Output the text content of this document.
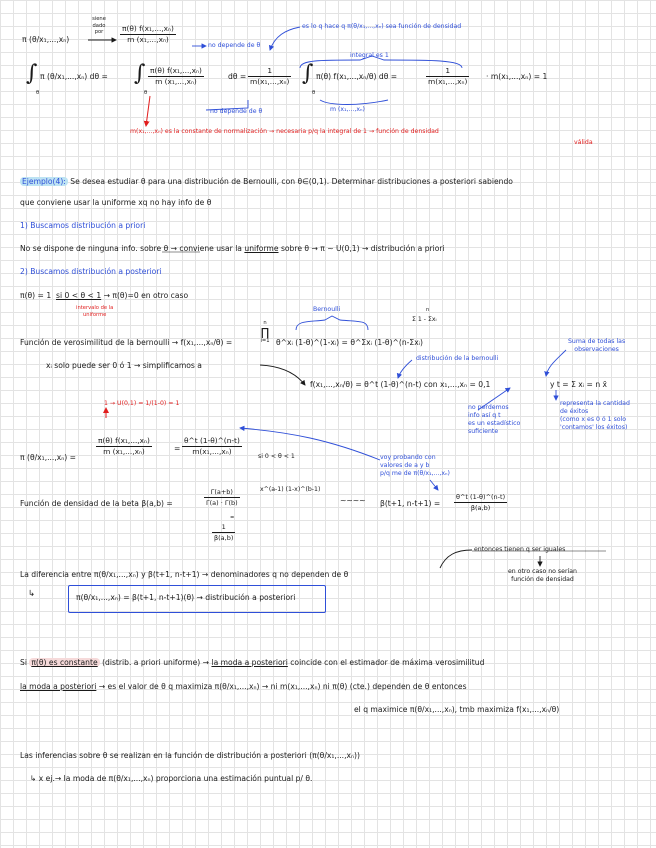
π (θ/x₁,...,xₙ)
siene
dado
por	$\frac{\text{π(θ) f(x₁,...,xₙ)}}{\text{m (x₁,...,xₙ)}}$
no depende de θ
es lo q hace q π(θ/x₁,...,xₙ) sea función de densidad
integral es 1
∫
θ
π (θ/x₁,...,xₙ) dθ = ∫
θ
$\frac{\text{π(θ) f(x₁,...,xₙ)}}{\text{m (x₁,...,xₙ)}}$	$d\theta = \frac{1}{\text{m(x₁,...,xₙ)}}$ ∫
θ
π(θ) f(x₁,...,xₙ/θ) dθ =	$\frac{1}{\text{m(x₁,...,xₙ)}} \cdot m(x_1,...,x_n) = 1$
no depende de θ	m (x₁,...,xₙ)
m(x₁,...,xₙ) es la constante de normalización → necesaria p/q la integral de 1 → función de densidad
válida
Ejemplo(4): Se desea estudiar θ para una distribución de Bernoulli, con θ∈(0,1). Determinar distribuciones a posteriori sabiendo
que conviene usar la uniforme xq no hay info de θ
1) Buscamos distribución a priori
No se dispone de ninguna info. sobre θ → conviene usar la uniforme sobre θ → π ~ U(0,1) → distribución a priori
2) Buscamos distribución a posteriori
π(θ) = 1 si 0 < θ < 1 → π(θ)=0 en otro caso
intervalo de la
uniforme
Bernoulli
Función de verosimilitud de la bernoulli → f(x₁,...,xₙ/θ) =
n
∏
i=1 θ^xᵢ (1-θ)^(1-xᵢ) = θ^Σxᵢ (1-θ)^(n-Σxᵢ)
n
Σ 1 - Σxᵢ
Suma de todas las
observaciones
xᵢ solo puede ser 0 ó 1 → simplificamos a
distribución de la bernoulli
f(x₁,...,xₙ/θ) = θ^t (1-θ)^(n-t) con x₁,...,xₙ = 0,1	y t = Σ xᵢ = n x̄
representa la cantidad
de éxitos
(como x es 0 ó 1 solo
'contamos' los éxitos)
no perdemos
info así q t
es un estadístico
suficiente
1 → U(0,1) = 1/(1-0) = 1
π (θ/x₁,...,xₙ) =
$\frac{\text{π(θ) f(x₁,...,xₙ)}}{\text{m (x₁,...,xₙ)}}$	= $\frac{\theta\^{}t (1-\theta)\^{}(n-t)}{\text{m(x₁,...,xₙ)}}$	si 0 < θ < 1	voy probando con
valores de a y b
p/q me de π(θ/x₁,...,xₙ)
Función de densidad de la beta β(a,b) =	$\frac{\Gamma(a+b)}{\Gamma(a) \cdot \Gamma(b)}$	x^(a-1) (1-x)^(b-1)
=
$\frac{1}{\beta(a,b)}$
~~~~ β(t+1, $n-t+1) = \frac{\theta\^{}t (1-\theta)\^{}(n-t)}{\beta(a,b)}$
entonces tienen q ser iguales
en otro caso no serían
función de densidad
La diferencia entre π(θ/x₁,...,xₙ) y β(t+1, n-t+1) → denominadores q no dependen de θ
↳	π(θ/x₁,...,xₙ) = β(t+1, n-t+1)(θ) → distribución a posteriori
Si π(θ) es constante (distrib. a priori uniforme) → la moda a posteriori coincide con el estimador de máxima verosimilitud
la moda a posteriori → es el valor de θ q maximiza π(θ/x₁,...,xₙ) → ni m(x₁,...,xₙ) ni π(θ) (cte.) dependen de θ entonces
el q maximice π(θ/x₁,...,xₙ), tmb maximiza f(x₁,...,xₙ/θ)
Las inferencias sobre θ se realizan en la función de distribución a posteriori (π(θ/x₁,...,xₙ))
↳ x ej.→ la moda de π(θ/x₁,...,xₙ) proporciona una estimación puntual p/ θ.
